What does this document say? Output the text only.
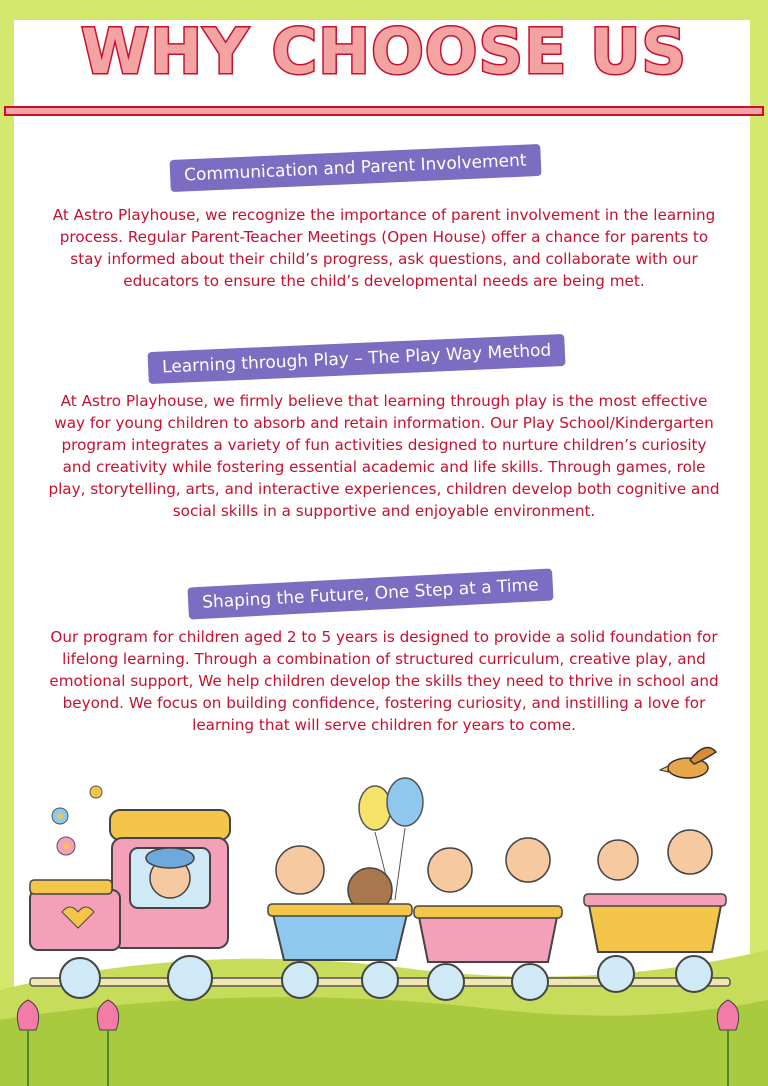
WHY CHOOSE US
Communication and Parent Involvement
At Astro Playhouse, we recognize the importance of parent involvement in the learning process. Regular Parent-Teacher Meetings (Open House) offer a chance for parents to stay informed about their child’s progress, ask questions, and collaborate with our educators to ensure the child’s developmental needs are being met.
Learning through Play – The Play Way Method
At Astro Playhouse, we firmly believe that learning through play is the most effective way for young children to absorb and retain information. Our Play School/Kindergarten program integrates a variety of fun activities designed to nurture children’s curiosity and creativity while fostering essential academic and life skills. Through games, role play, storytelling, arts, and interactive experiences, children develop both cognitive and social skills in a supportive and enjoyable environment.
Shaping the Future, One Step at a Time
Our program for children aged 2 to 5 years is designed to provide a solid foundation for lifelong learning. Through a combination of structured curriculum, creative play, and emotional support, We help children develop the skills they need to thrive in school and beyond. We focus on building confidence, fostering curiosity, and instilling a love for learning that will serve children for years to come.
